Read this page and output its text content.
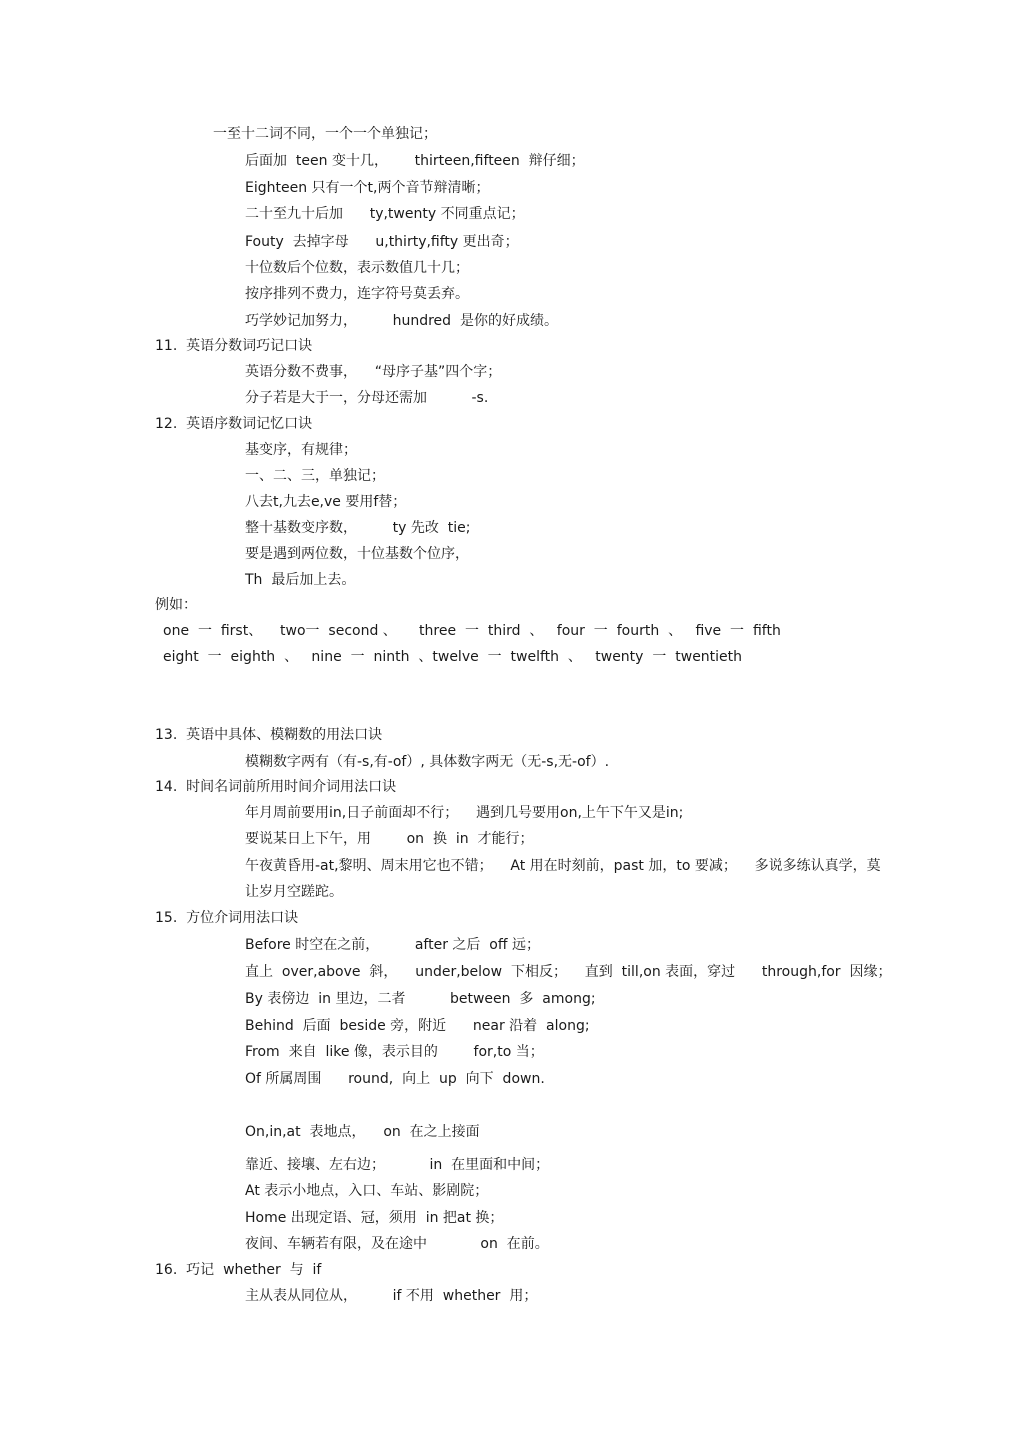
一至十二词不同，一个一个单独记；
后面加  teen 变十几，      thirteen,fifteen  辩仔细；
Eighteen 只有一个t,两个音节辩清晰；
二十至九十后加      ty,twenty 不同重点记；
Fouty  去掉字母      u,thirty,fifty 更出奇；
十位数后个位数，表示数值几十几；
按序排列不费力，连字符号莫丢弃。
巧学妙记加努力，        hundred  是你的好成绩。
11.  英语分数词巧记口诀
英语分数不费事，    “母序子基”四个字；
分子若是大于一，分母还需加          -s.
12.  英语序数词记忆口诀
基变序，有规律；
一、二、三，单独记；
八去t,九去e,ve 要用f替；
整十基数变序数，        ty 先改  tie;
要是遇到两位数，十位基数个位序，
Th  最后加上去。
例如：
one  一  first、    two一  second 、     three  一  third  、   four  一  fourth  、   five  一  fifth
eight  一  eighth  、   nine  一  ninth  、twelve  一  twelfth  、   twenty  一  twentieth
13.  英语中具体、模糊数的用法口诀
模糊数字两有（有-s,有-of）, 具体数字两无（无-s,无-of）.
14.  时间名词前所用时间介词用法口诀
年月周前要用in,日子前面却不行；    遇到几号要用on,上午下午又是in;
要说某日上下午，用        on  换  in  才能行；
午夜黄昏用-at,黎明、周末用它也不错；    At 用在时刻前，past 加，to 要减；    多说多练认真学，莫
让岁月空蹉跎。
15.  方位介词用法口诀
Before 时空在之前，        after 之后  off 远；
直上  over,above  斜，    under,below  下相反；    直到  till,on 表面，穿过      through,for  因缘；
By 表傍边  in 里边，二者          between  多  among;
Behind  后面  beside 旁，附近      near 沿着  along;
From  来自  like 像，表示目的        for,to 当；
Of 所属周围      round,  向上  up  向下  down.
On,in,at  表地点，    on  在之上接面
靠近、接壤、左右边；          in  在里面和中间；
At 表示小地点，入口、车站、影剧院；
Home 出现定语、冠，须用  in 把at 换；
夜间、车辆若有限，及在途中            on  在前。
16.  巧记  whether  与  if
主从表从同位从，        if 不用  whether  用；
